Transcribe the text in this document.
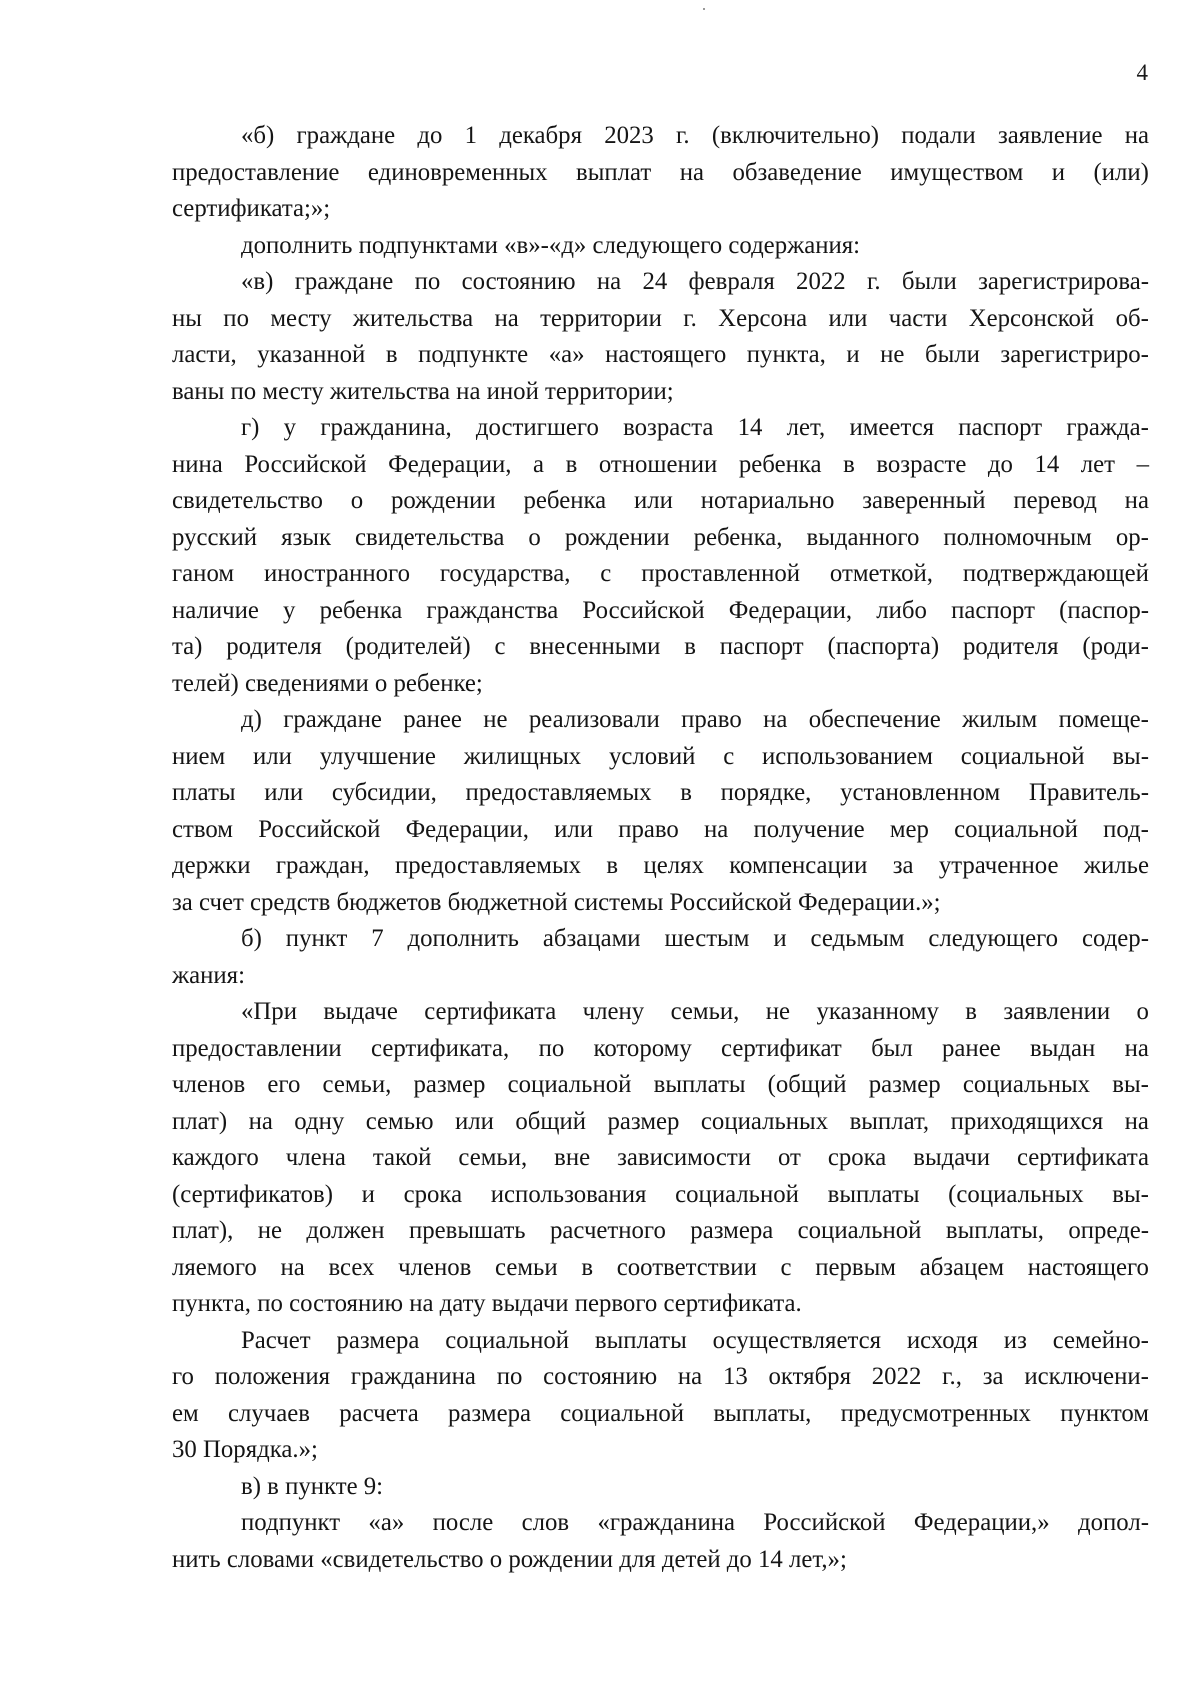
4
«б) граждане до 1 декабря 2023 г. (включительно) подали заявление на
предоставление единовременных выплат на обзаведение имуществом и (или)
сертификата;»;
дополнить подпунктами «в»-«д» следующего содержания:
«в) граждане по состоянию на 24 февраля 2022 г. были зарегистрирова-
ны по месту жительства на территории г. Херсона или части Херсонской об-
ласти, указанной в подпункте «а» настоящего пункта, и не были зарегистриро-
ваны по месту жительства на иной территории;
г) у гражданина, достигшего возраста 14 лет, имеется паспорт гражда-
нина Российской Федерации, а в отношении ребенка в возрасте до 14 лет –
свидетельство о рождении ребенка или нотариально заверенный перевод на
русский язык свидетельства о рождении ребенка, выданного полномочным ор-
ганом иностранного государства, с проставленной отметкой, подтверждающей
наличие у ребенка гражданства Российской Федерации, либо паспорт (паспор-
та) родителя (родителей) с внесенными в паспорт (паспорта) родителя (роди-
телей) сведениями о ребенке;
д) граждане ранее не реализовали право на обеспечение жилым помеще-
нием или улучшение жилищных условий с использованием социальной вы-
платы или субсидии, предоставляемых в порядке, установленном Правитель-
ством Российской Федерации, или право на получение мер социальной под-
держки граждан, предоставляемых в целях компенсации за утраченное жилье
за счет средств бюджетов бюджетной системы Российской Федерации.»;
б) пункт 7 дополнить абзацами шестым и седьмым следующего содер-
жания:
«При выдаче сертификата члену семьи, не указанному в заявлении о
предоставлении сертификата, по которому сертификат был ранее выдан на
членов его семьи, размер социальной выплаты (общий размер социальных вы-
плат) на одну семью или общий размер социальных выплат, приходящихся на
каждого члена такой семьи, вне зависимости от срока выдачи сертификата
(сертификатов) и срока использования социальной выплаты (социальных вы-
плат), не должен превышать расчетного размера социальной выплаты, опреде-
ляемого на всех членов семьи в соответствии с первым абзацем настоящего
пункта, по состоянию на дату выдачи первого сертификата.
Расчет размера социальной выплаты осуществляется исходя из семейно-
го положения гражданина по состоянию на 13 октября 2022 г., за исключени-
ем случаев расчета размера социальной выплаты, предусмотренных пунктом
30 Порядка.»;
в) в пункте 9:
подпункт «а» после слов «гражданина Российской Федерации,» допол-
нить словами «свидетельство о рождении для детей до 14 лет,»;
